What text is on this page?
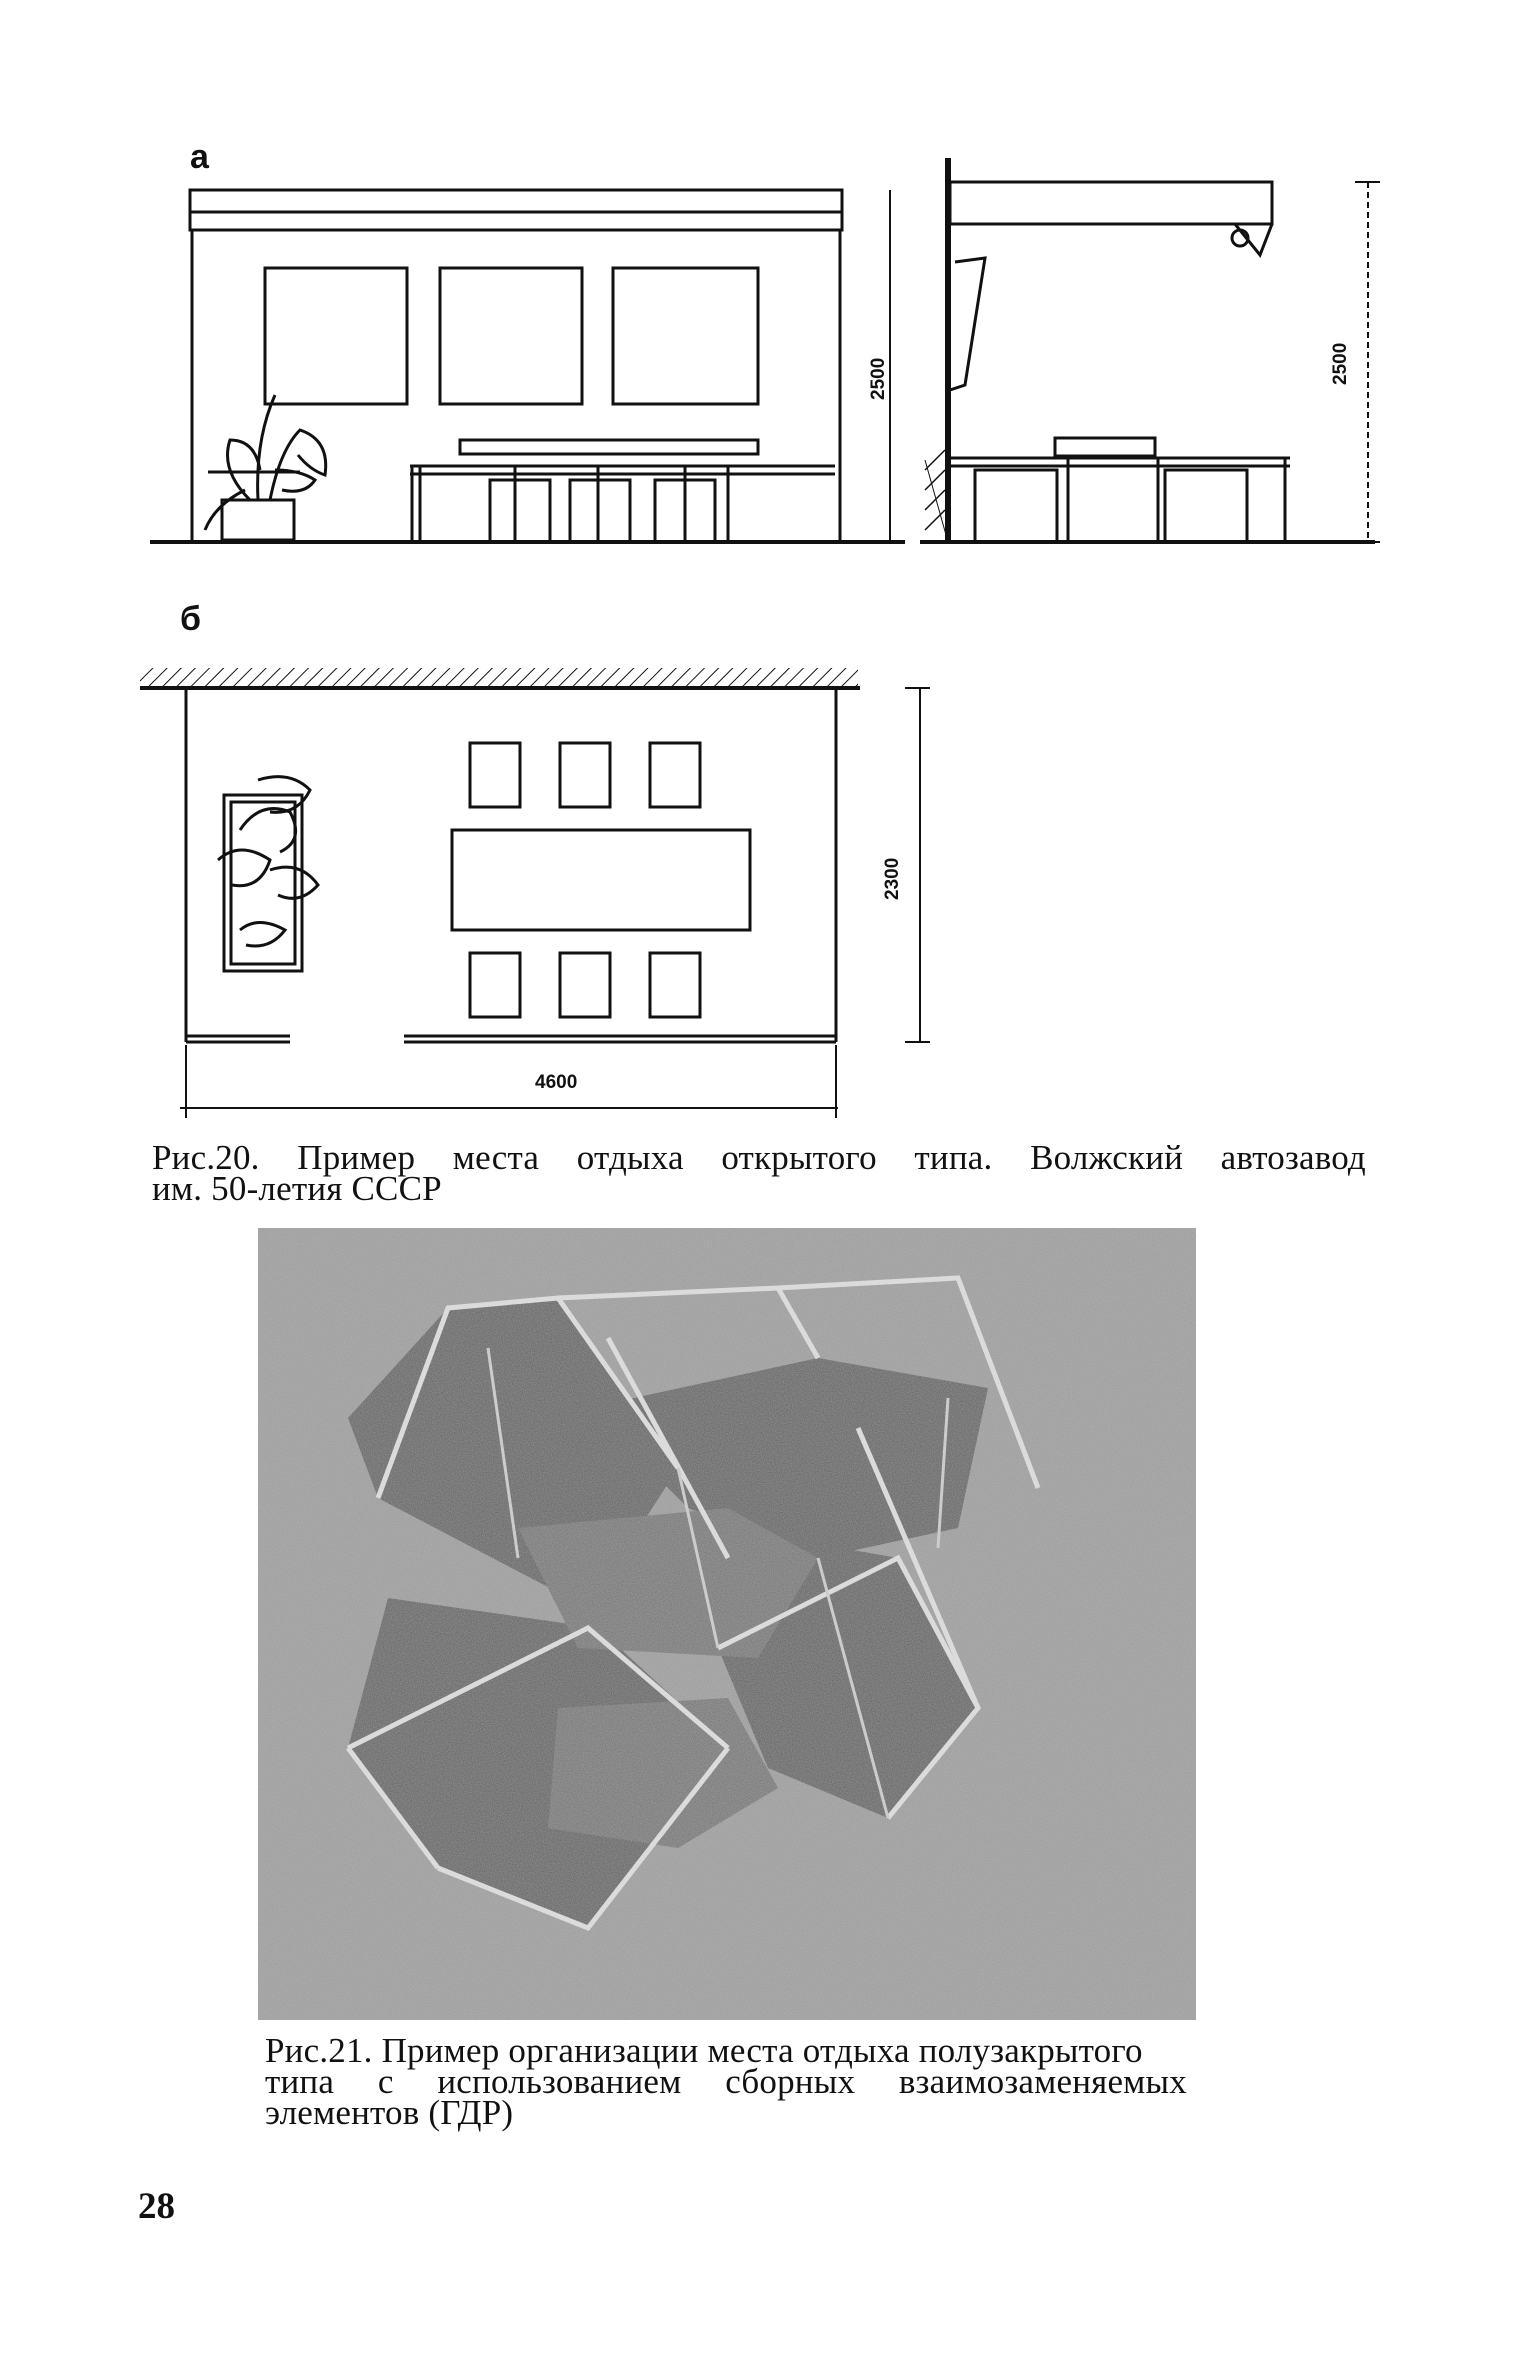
а
2500	2500
б
2300
4600
Рис.20. Пример места отдыха открытого типа. Волжский автозавод
им. 50-летия СССР
Рис.21. Пример организации места отдыха полузакрытого
типа с использованием сборных взаимозаменяемых
элементов (ГДР)
28
